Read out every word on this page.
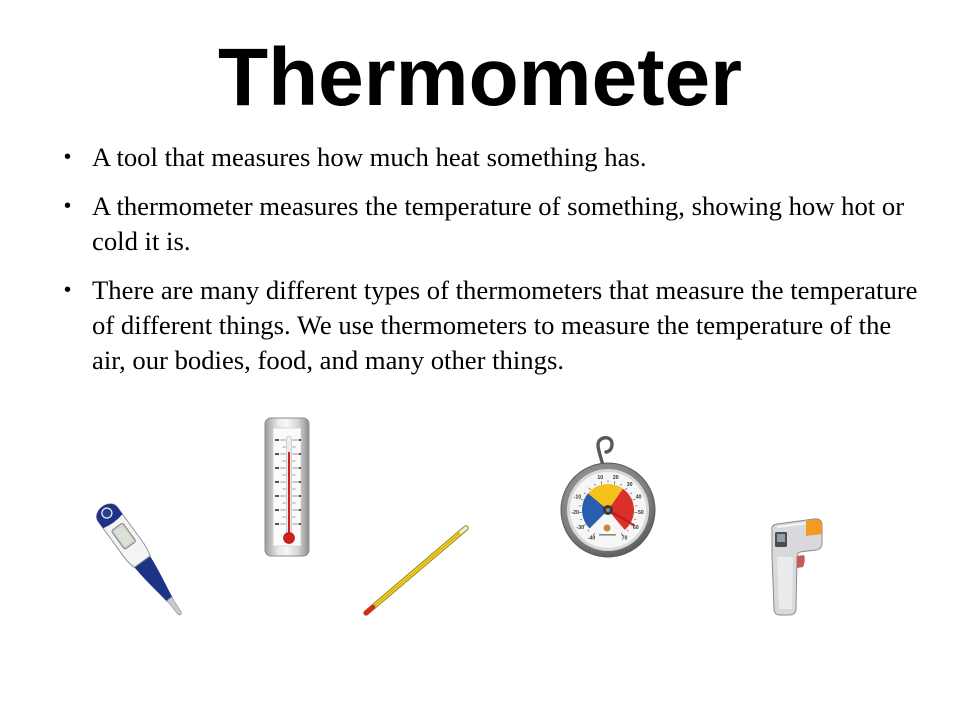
Thermometer
• A tool that measures how much heat something has.
• A thermometer measures the temperature of something, showing how hot or cold it is.
• There are many different types of thermometers that measure the temperature of different things. We use thermometers to measure the temperature of the air, our bodies, food, and many other things.
-40
-30
-20
-10
10 20
30
40
50
60
70
